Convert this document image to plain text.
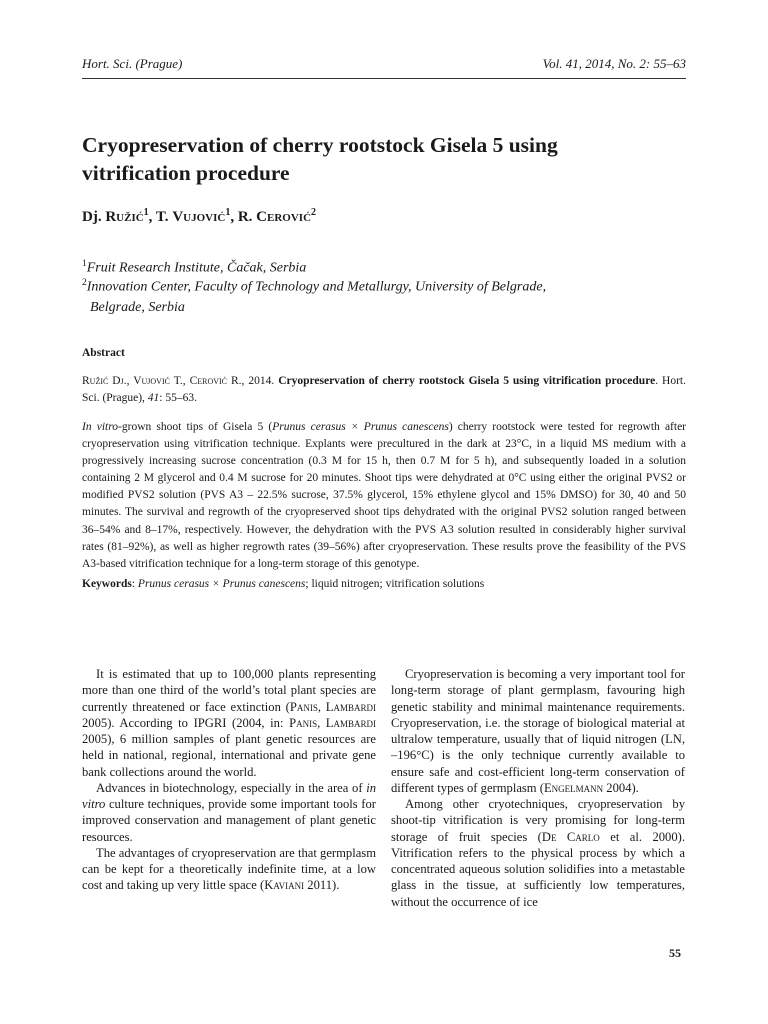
Hort. Sci. (Prague)	Vol. 41, 2014, No. 2: 55–63
Cryopreservation of cherry rootstock Gisela 5 using vitrification procedure
Dj. Ružić$^1$, T. Vujović$^1$, R. Cerović$^2$
$^1$Fruit Research Institute, Čačak, Serbia
$^2$Innovation Center, Faculty of Technology and Metallurgy, University of Belgrade,
Belgrade, Serbia
Abstract
Ružić Dj., Vujović T., Cerović R., 2014. Cryopreservation of cherry rootstock Gisela 5 using vitrification procedure. Hort. Sci. (Prague), 41: 55–63.

In vitro-grown shoot tips of Gisela 5 (Prunus cerasus × Prunus canescens) cherry rootstock were tested for regrowth after cryopreservation using vitrification technique. Explants were precultured in the dark at 23°C, in a liquid MS medium with a progressively increasing sucrose concentration (0.3 M for 15 h, then 0.7 M for 5 h), and subsequently loaded in a solution containing 2 M glycerol and 0.4 M sucrose for 20 minutes. Shoot tips were dehydrated at 0°C using either the original PVS2 or modified PVS2 solution (PVS A3 – 22.5% sucrose, 37.5% glycerol, 15% ethylene glycol and 15% DMSO) for 30, 40 and 50 minutes. The survival and regrowth of the cryopreserved shoot tips dehydrated with the original PVS2 solution ranged between 36–54% and 8–17%, respectively. However, the dehydration with the PVS A3 solution resulted in considerably higher survival rates (81–92%), as well as higher regrowth rates (39–56%) after cryopreservation. These results prove the feasibility of the PVS A3-based vitrification technique for a long-term storage of this genotype.

Keywords: Prunus cerasus × Prunus canescens; liquid nitrogen; vitrification solutions

It is estimated that up to 100,000 plants representing more than one third of the world’s total plant species are currently threatened or face extinction (Panis, Lambardi 2005). According to IPGRI (2004, in: Panis, Lambardi 2005), 6 million samples of plant genetic resources are held in national, regional, international and private gene bank collections around the world.

Advances in biotechnology, especially in the area of in vitro culture techniques, provide some important tools for improved conservation and management of plant genetic resources.

The advantages of cryopreservation are that germplasm can be kept for a theoretically indefinite time, at a low cost and taking up very little space (Kaviani 2011).

Cryopreservation is becoming a very important tool for long-term storage of plant germplasm, favouring high genetic stability and minimal maintenance requirements. Cryopreservation, i.e. the storage of biological material at ultralow temperature, usually that of liquid nitrogen (LN, –196°C) is the only technique currently available to ensure safe and cost-efficient long-term conservation of different types of germplasm (Engelmann 2004).

Among other cryotechniques, cryopreservation by shoot-tip vitrification is very promising for long-term storage of fruit species (De Carlo et al. 2000). Vitrification refers to the physical process by which a concentrated aqueous solution solidifies into a metastable glass in the tissue, at sufficiently low temperatures, without the occurrence of ice

55
